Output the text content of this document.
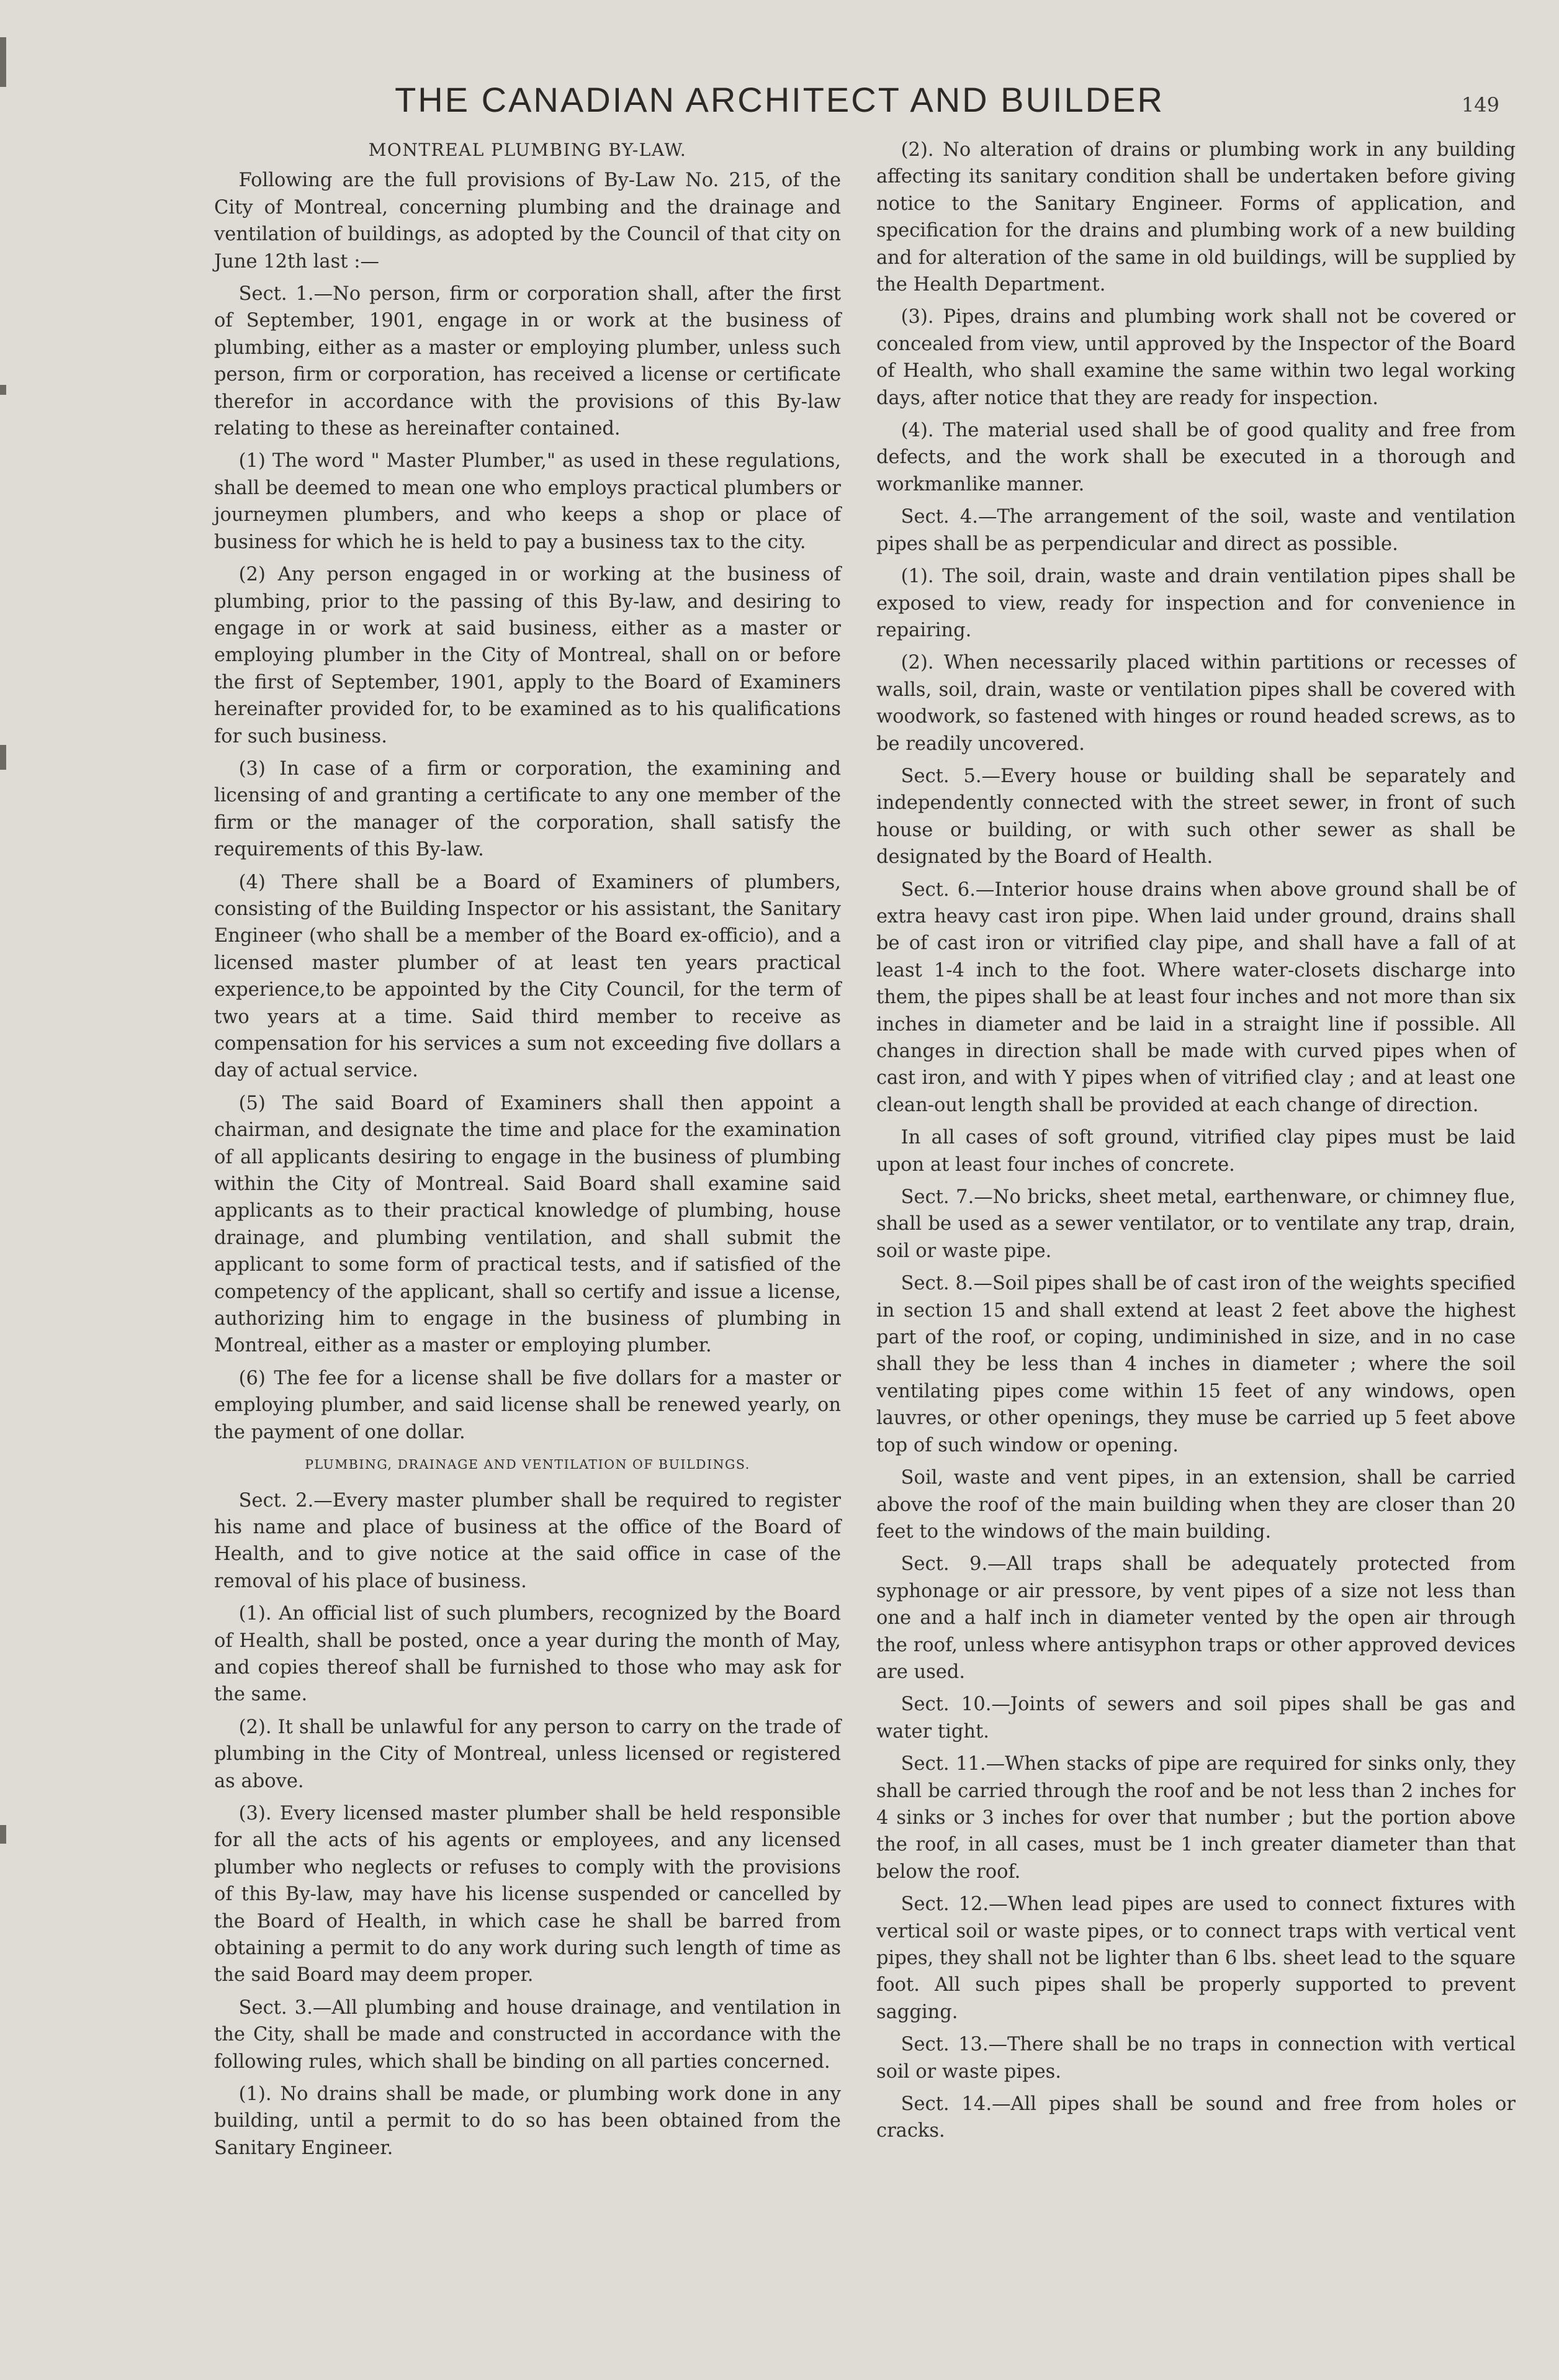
THE CANADIAN ARCHITECT AND BUILDER	149
MONTREAL PLUMBING BY-LAW.

Following are the full provisions of By-Law No. 215, of the City of Montreal, concerning plumbing and the drainage and ventilation of buildings, as adopted by the Council of that city on June 12th last :—

Sect. 1.—No person, firm or corporation shall, after the first of September, 1901, engage in or work at the business of plumbing, either as a master or employing plumber, unless such person, firm or corporation, has received a license or certificate therefor in accordance with the provisions of this By-law relating to these as hereinafter contained.

(1) The word " Master Plumber," as used in these regulations, shall be deemed to mean one who employs practical plumbers or journeymen plumbers, and who keeps a shop or place of business for which he is held to pay a business tax to the city.

(2) Any person engaged in or working at the business of plumbing, prior to the passing of this By-law, and desiring to engage in or work at said business, either as a master or employing plumber in the City of Montreal, shall on or before the first of September, 1901, apply to the Board of Examiners hereinafter provided for, to be examined as to his qualifications for such business.

(3) In case of a firm or corporation, the examining and licensing of and granting a certificate to any one member of the firm or the manager of the corporation, shall satisfy the requirements of this By-law.

(4) There shall be a Board of Examiners of plumbers, consisting of the Building Inspector or his assistant, the Sanitary Engineer (who shall be a member of the Board ex-officio), and a licensed master plumber of at least ten years practical experience,to be appointed by the City Council, for the term of two years at a time. Said third member to receive as compensation for his services a sum not exceeding five dollars a day of actual service.

(5) The said Board of Examiners shall then appoint a chairman, and designate the time and place for the examination of all applicants desiring to engage in the business of plumbing within the City of Montreal. Said Board shall examine said applicants as to their practical knowledge of plumbing, house drainage, and plumbing ventilation, and shall submit the applicant to some form of practical tests, and if satisfied of the competency of the applicant, shall so certify and issue a license, authorizing him to engage in the business of plumbing in Montreal, either as a master or employing plumber.

(6) The fee for a license shall be five dollars for a master or employing plumber, and said license shall be renewed yearly, on the payment of one dollar.

PLUMBING, DRAINAGE AND VENTILATION OF BUILDINGS.

Sect. 2.—Every master plumber shall be required to register his name and place of business at the office of the Board of Health, and to give notice at the said office in case of the removal of his place of business.

(1). An official list of such plumbers, recognized by the Board of Health, shall be posted, once a year during the month of May, and copies thereof shall be furnished to those who may ask for the same.

(2). It shall be unlawful for any person to carry on the trade of plumbing in the City of Montreal, unless licensed or registered as above.

(3). Every licensed master plumber shall be held responsible for all the acts of his agents or employees, and any licensed plumber who neglects or refuses to comply with the provisions of this By-law, may have his license suspended or cancelled by the Board of Health, in which case he shall be barred from obtaining a permit to do any work during such length of time as the said Board may deem proper.

Sect. 3.—All plumbing and house drainage, and ventilation in the City, shall be made and constructed in accordance with the following rules, which shall be binding on all parties concerned.

(1). No drains shall be made, or plumbing work done in any building, until a permit to do so has been obtained from the Sanitary Engineer.

(2). No alteration of drains or plumbing work in any building affecting its sanitary condition shall be undertaken before giving notice to the Sanitary Engineer. Forms of application, and specification for the drains and plumbing work of a new building and for alteration of the same in old buildings, will be supplied by the Health Department.

(3). Pipes, drains and plumbing work shall not be covered or concealed from view, until approved by the Inspector of the Board of Health, who shall examine the same within two legal working days, after notice that they are ready for inspection.

(4). The material used shall be of good quality and free from defects, and the work shall be executed in a thorough and workmanlike manner.

Sect. 4.—The arrangement of the soil, waste and ventilation pipes shall be as perpendicular and direct as possible.

(1). The soil, drain, waste and drain ventilation pipes shall be exposed to view, ready for inspection and for convenience in repairing.

(2). When necessarily placed within partitions or recesses of walls, soil, drain, waste or ventilation pipes shall be covered with woodwork, so fastened with hinges or round headed screws, as to be readily uncovered.

Sect. 5.—Every house or building shall be separately and independently connected with the street sewer, in front of such house or building, or with such other sewer as shall be designated by the Board of Health.

Sect. 6.—Interior house drains when above ground shall be of extra heavy cast iron pipe. When laid under ground, drains shall be of cast iron or vitrified clay pipe, and shall have a fall of at least 1-4 inch to the foot. Where water-closets discharge into them, the pipes shall be at least four inches and not more than six inches in diameter and be laid in a straight line if possible. All changes in direction shall be made with curved pipes when of cast iron, and with Y pipes when of vitrified clay ; and at least one clean-out length shall be provided at each change of direction.

In all cases of soft ground, vitrified clay pipes must be laid upon at least four inches of concrete.

Sect. 7.—No bricks, sheet metal, earthenware, or chimney flue, shall be used as a sewer ventilator, or to ventilate any trap, drain, soil or waste pipe.

Sect. 8.—Soil pipes shall be of cast iron of the weights specified in section 15 and shall extend at least 2 feet above the highest part of the roof, or coping, undiminished in size, and in no case shall they be less than 4 inches in diameter ; where the soil ventilating pipes come within 15 feet of any windows, open lauvres, or other openings, they muse be carried up 5 feet above top of such window or opening.

Soil, waste and vent pipes, in an extension, shall be carried above the roof of the main building when they are closer than 20 feet to the windows of the main building.

Sect. 9.—All traps shall be adequately protected from syphonage or air pressore, by vent pipes of a size not less than one and a half inch in diameter vented by the open air through the roof, unless where antisyphon traps or other approved devices are used.

Sect. 10.—Joints of sewers and soil pipes shall be gas and water tight.

Sect. 11.—When stacks of pipe are required for sinks only, they shall be carried through the roof and be not less than 2 inches for 4 sinks or 3 inches for over that number ; but the portion above the roof, in all cases, must be 1 inch greater diameter than that below the roof.

Sect. 12.—When lead pipes are used to connect fixtures with vertical soil or waste pipes, or to connect traps with vertical vent pipes, they shall not be lighter than 6 lbs. sheet lead to the square foot. All such pipes shall be properly supported to prevent sagging.

Sect. 13.—There shall be no traps in connection with vertical soil or waste pipes.

Sect. 14.—All pipes shall be sound and free from holes or cracks.
